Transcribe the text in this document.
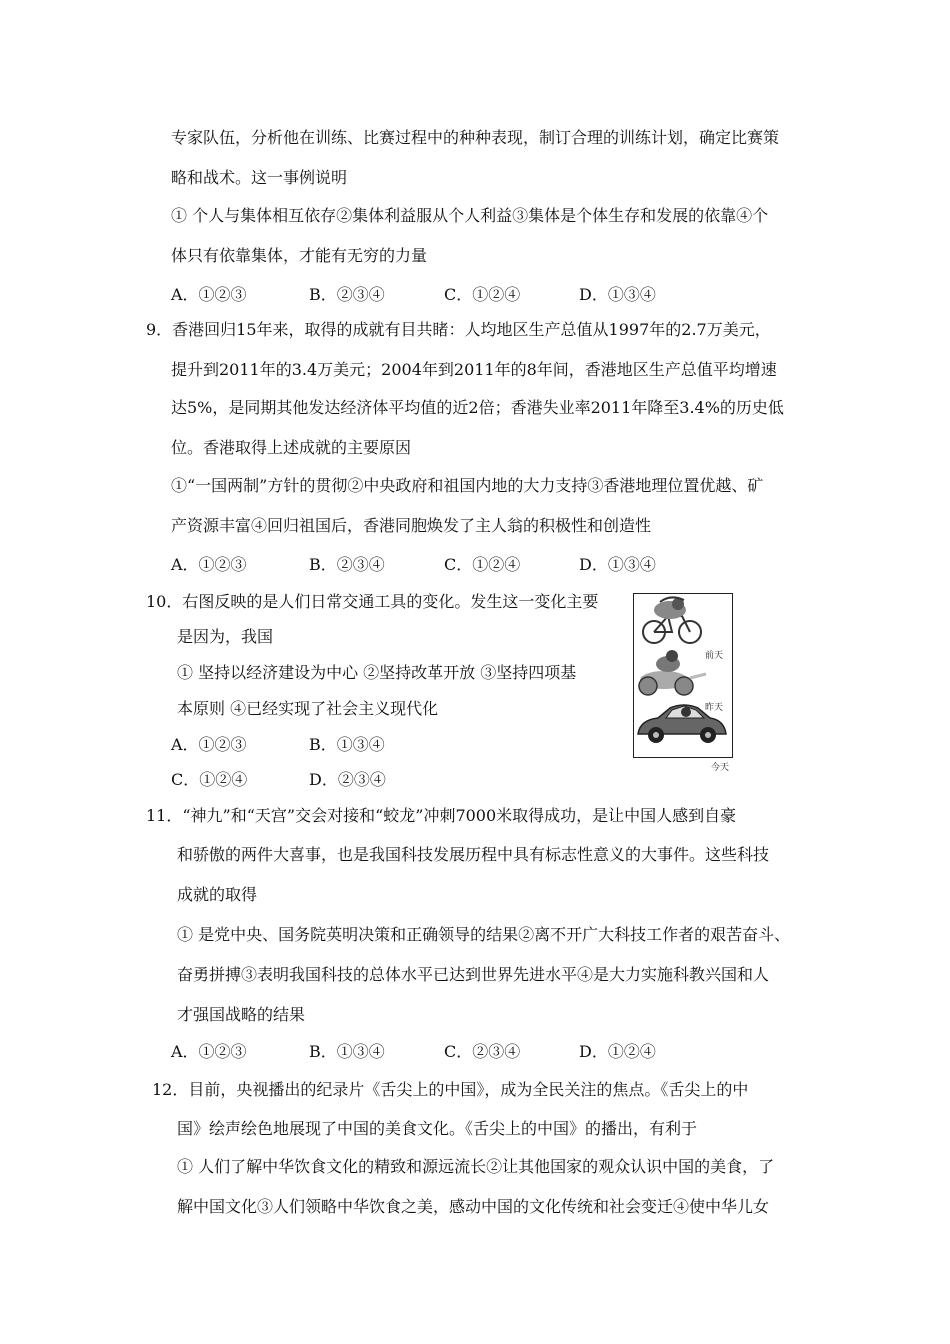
专家队伍，分析他在训练、比赛过程中的种种表现，制订合理的训练计划，确定比赛策
略和战术。这一事例说明
① 个人与集体相互依存②集体利益服从个人利益③集体是个体生存和发展的依靠④个
体只有依靠集体，才能有无穷的力量
A．①②③	B．②③④	C．①②④	D．①③④
9．香港回归15年来，取得的成就有目共睹：人均地区生产总值从1997年的2.7万美元，
提升到2011年的3.4万美元；2004年到2011年的8年间，香港地区生产总值平均增速
达5%，是同期其他发达经济体平均值的近2倍；香港失业率2011年降至3.4%的历史低
位。香港取得上述成就的主要原因
①“一国两制”方针的贯彻②中央政府和祖国内地的大力支持③香港地理位置优越、矿
产资源丰富④回归祖国后，香港同胞焕发了主人翁的积极性和创造性
A．①②③	B．②③④	C．①②④	D．①③④
10．右图反映的是人们日常交通工具的变化。发生这一变化主要
是因为，我国
① 坚持以经济建设为中心 ②坚持改革开放 ③坚持四项基
本原则 ④已经实现了社会主义现代化
A．①②③	B．①③④
C．①②④	D．②③④
前天
昨天
今天
11．“神九”和“天宫”交会对接和“蛟龙”冲刺7000米取得成功，是让中国人感到自豪
和骄傲的两件大喜事，也是我国科技发展历程中具有标志性意义的大事件。这些科技
成就的取得
① 是党中央、国务院英明决策和正确领导的结果②离不开广大科技工作者的艰苦奋斗、
奋勇拼搏③表明我国科技的总体水平已达到世界先进水平④是大力实施科教兴国和人
才强国战略的结果
A．①②③	B．①③④	C．②③④	D．①②④
12．目前，央视播出的纪录片《舌尖上的中国》，成为全民关注的焦点。《舌尖上的中
国》绘声绘色地展现了中国的美食文化。《舌尖上的中国》的播出，有利于
① 人们了解中华饮食文化的精致和源远流长②让其他国家的观众认识中国的美食，了
解中国文化③人们领略中华饮食之美，感动中国的文化传统和社会变迁④使中华儿女
